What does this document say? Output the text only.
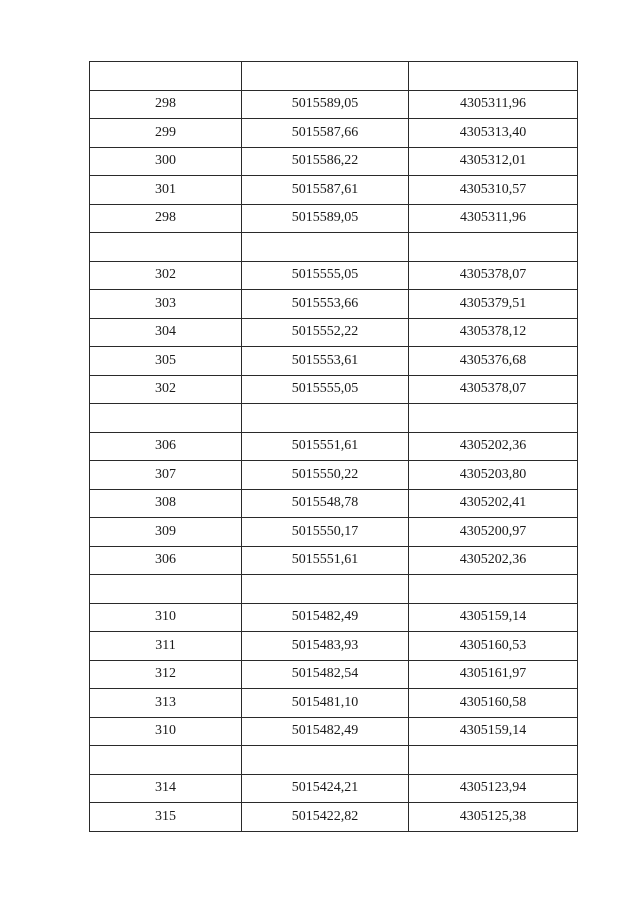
298	5015589,05	4305311,96
299	5015587,66	4305313,40
300	5015586,22	4305312,01
301	5015587,61	4305310,57
298	5015589,05	4305311,96

302	5015555,05	4305378,07
303	5015553,66	4305379,51
304	5015552,22	4305378,12
305	5015553,61	4305376,68
302	5015555,05	4305378,07

306	5015551,61	4305202,36
307	5015550,22	4305203,80
308	5015548,78	4305202,41
309	5015550,17	4305200,97
306	5015551,61	4305202,36

310	5015482,49	4305159,14
311	5015483,93	4305160,53
312	5015482,54	4305161,97
313	5015481,10	4305160,58
310	5015482,49	4305159,14

314	5015424,21	4305123,94
315	5015422,82	4305125,38
